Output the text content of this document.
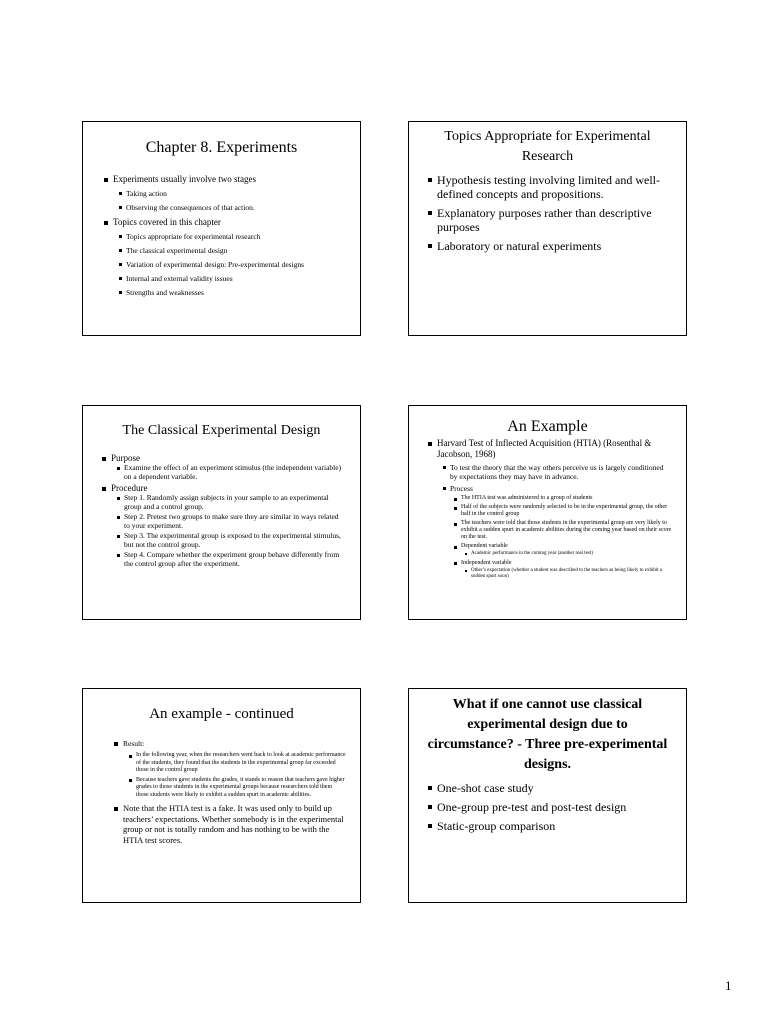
Chapter 8. Experiments
Experiments usually involve two stages
Taking action
Observing the consequences of that action.
Topics covered in this chapter
Topics appropriate for experimental research
The classical experimental design
Variation of experimental design: Pre-experimental designs
Internal and external validity issues
Strengths and weaknesses
Topics Appropriate for Experimental Research
Hypothesis testing involving limited and well-defined concepts and propositions.
Explanatory purposes rather than descriptive purposes
Laboratory or natural experiments
The Classical Experimental Design
Purpose
Examine the effect of an experiment stimulus (the independent variable) on a dependent variable.
Procedure
Step 1. Randomly assign subjects in your sample to an experimental group and a control group.
Step 2. Pretest two groups to make sure they are similar in ways related to your experiment.
Step 3. The experimental group is exposed to the experimental stimulus, but not the control group.
Step 4. Compare whether the experiment group behave differently from the control group after the experiment.
An Example
Harvard Test of Inflected Acquisition (HTIA) (Rosenthal & Jacobson, 1968)
To test the theory that the way others perceive us is largely conditioned by expectations they may have in advance.
Process
The HTIA test was administered to a group of students
Half of the subjects were randomly selected to be in the experimental group, the other half in the control group
The teachers were told that those students in the experimental group are very likely to exhibit a sudden spurt in academic abilities during the coming year based on their score on the test.
Dependent variable
Academic performance in the coming year (another real test)
Independent variable
Other’s expectation (whether a student was described to the teachers as being likely to exhibit a sudden spurt soon)
An example - continued
Result:
In the following year, when the researchers went back to look at academic performance of the students, they found that the students in the experimental group far exceeded those in the control group
Because teachers gave students the grades, it stands to reason that teachers gave higher grades to those students in the experimental groups because researchers told them those students were likely to exhibit a sudden spurt in academic abilities.
Note that the HTIA test is a fake. It was used only to build up teachers’ expectations. Whether somebody is in the experimental group or not is totally random and has nothing to be with the HTIA test scores.
What if one cannot use classical experimental design due to circumstance? - Three pre-experimental designs.
One-shot case study
One-group pre-test and post-test design
Static-group comparison
1
